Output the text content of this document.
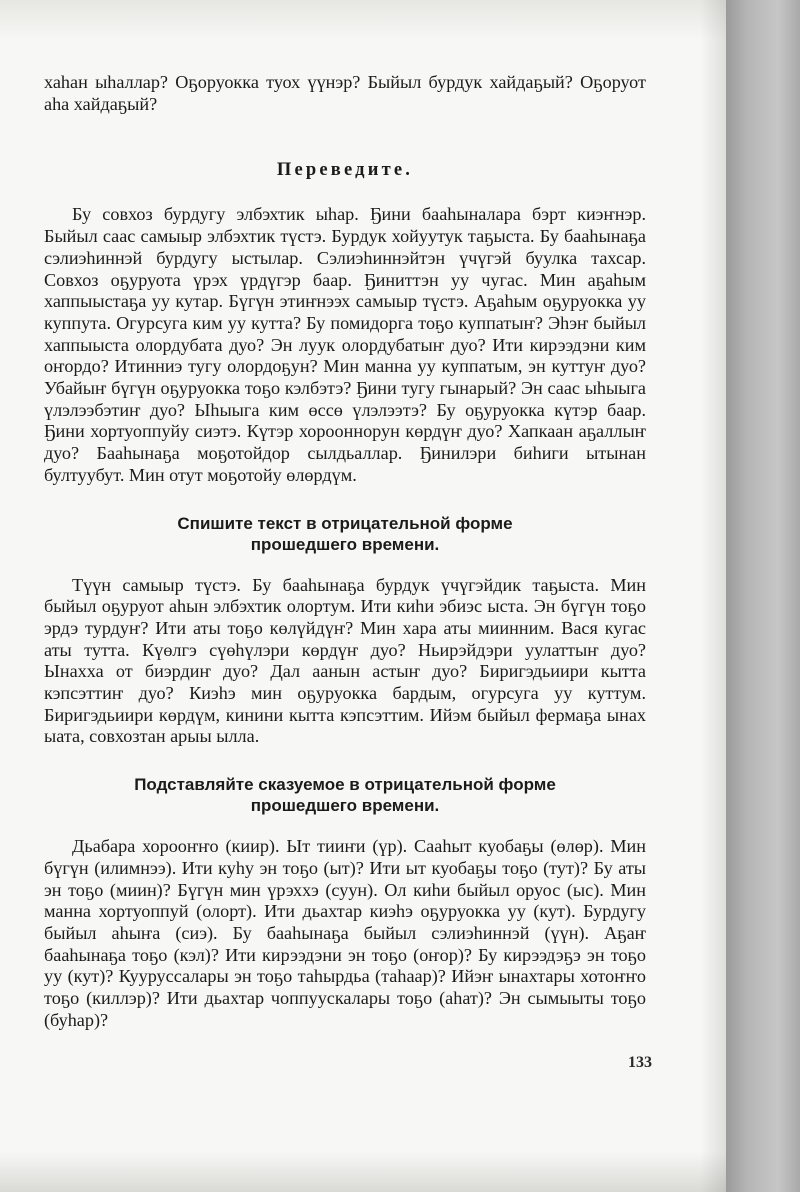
хаһан ыһаллар? Оҕоруокка туох үүнэр? Быйыл бурдук хайдаҕый? Оҕоруот аһа хайдаҕый?

Переведите.

Бу совхоз бурдугу элбэхтик ыһар. Ҕини бааһыналара бэрт киэҥнэр. Быйыл саас самыыр элбэхтик түстэ. Бурдук хойуутук таҕыста. Бу бааһынаҕа сэлиэһиннэй бурдугу ыстылар. Сэлиэһиннэйтэн үчүгэй буулка тахсар. Совхоз оҕуруота үрэх үрдүгэр баар. Ҕиниттэн уу чугас. Мин аҕаһым хаппыыстаҕа уу кутар. Бүгүн этиҥнээх самыыр түстэ. Аҕаһым оҕуруокка уу куппута. Огурсуга ким уу кутта? Бу помидорга тоҕо куппатыҥ? Эһэҥ быйыл хаппыыста олордубата дуо? Эн луук олордубатыҥ дуо? Ити кирээдэни ким оҥордо? Итинниэ тугу олордоҕун? Мин манна уу куппатым, эн куттуҥ дуо? Убайыҥ бүгүн оҕуруокка тоҕо кэлбэтэ? Ҕини тугу гынарый? Эн саас ыһыыга үлэлээбэтиҥ дуо? Ыһыыга ким өссө үлэлээтэ? Бу оҕуруокка күтэр баар. Ҕини хортуоппуйу сиэтэ. Күтэр хорооннорун көрдүҥ дуо? Хапкаан аҕаллыҥ дуо? Бааһынаҕа моҕотойдор сылдьаллар. Ҕинилэри биһиги ытынан бултуубут. Мин отут моҕотойу өлөрдүм.

Спишите текст в отрицательной форме
прошедшего времени.

Түүн самыыр түстэ. Бу бааһынаҕа бурдук үчүгэйдик таҕыста. Мин быйыл оҕуруот аһын элбэхтик олортум. Ити киһи эбиэс ыста. Эн бүгүн тоҕо эрдэ турдуҥ? Ити аты тоҕо көлүйдүҥ? Мин хара аты миинним. Вася кугас аты тутта. Күөлгэ сүөһүлэри көрдүҥ дуо? Ньирэйдэри уулаттыҥ дуо? Ынахха от биэрдиҥ дуо? Дал аанын астыҥ дуо? Биригэдьиири кытта кэпсэттиҥ дуо? Киэһэ мин оҕуруокка бардым, огурсуга уу куттум. Биригэдьиири көрдүм, кинини кытта кэпсэттим. Ийэм быйыл фермаҕа ынах ыата, совхозтан арыы ылла.

Подставляйте сказуемое в отрицательной форме
прошедшего времени.

Дьабара хорооҥҥо (киир). Ыт тииҥи (үр). Сааһыт куобаҕы (өлөр). Мин бүгүн (илимнээ). Ити куһу эн тоҕо (ыт)? Ити ыт куобаҕы тоҕо (тут)? Бу аты эн тоҕо (миин)? Бүгүн мин үрэххэ (суун). Ол киһи быйыл оруос (ыс). Мин манна хортуоппуй (олорт). Ити дьахтар киэһэ оҕуруокка уу (кут). Бурдугу быйыл аһыҥа (сиэ). Бу бааһынаҕа быйыл сэлиэһиннэй (үүн). Аҕаҥ бааһынаҕа тоҕо (кэл)? Ити кирээдэни эн тоҕо (оҥор)? Бу кирээдэҕэ эн тоҕо уу (кут)? Кууруссалары эн тоҕо таһырдьа (таһаар)? Ийэҥ ынахтары хотоҥҥо тоҕо (киллэр)? Ити дьахтар чоппуускалары тоҕо (аһат)? Эн сымыыты тоҕо (буһар)?

133
